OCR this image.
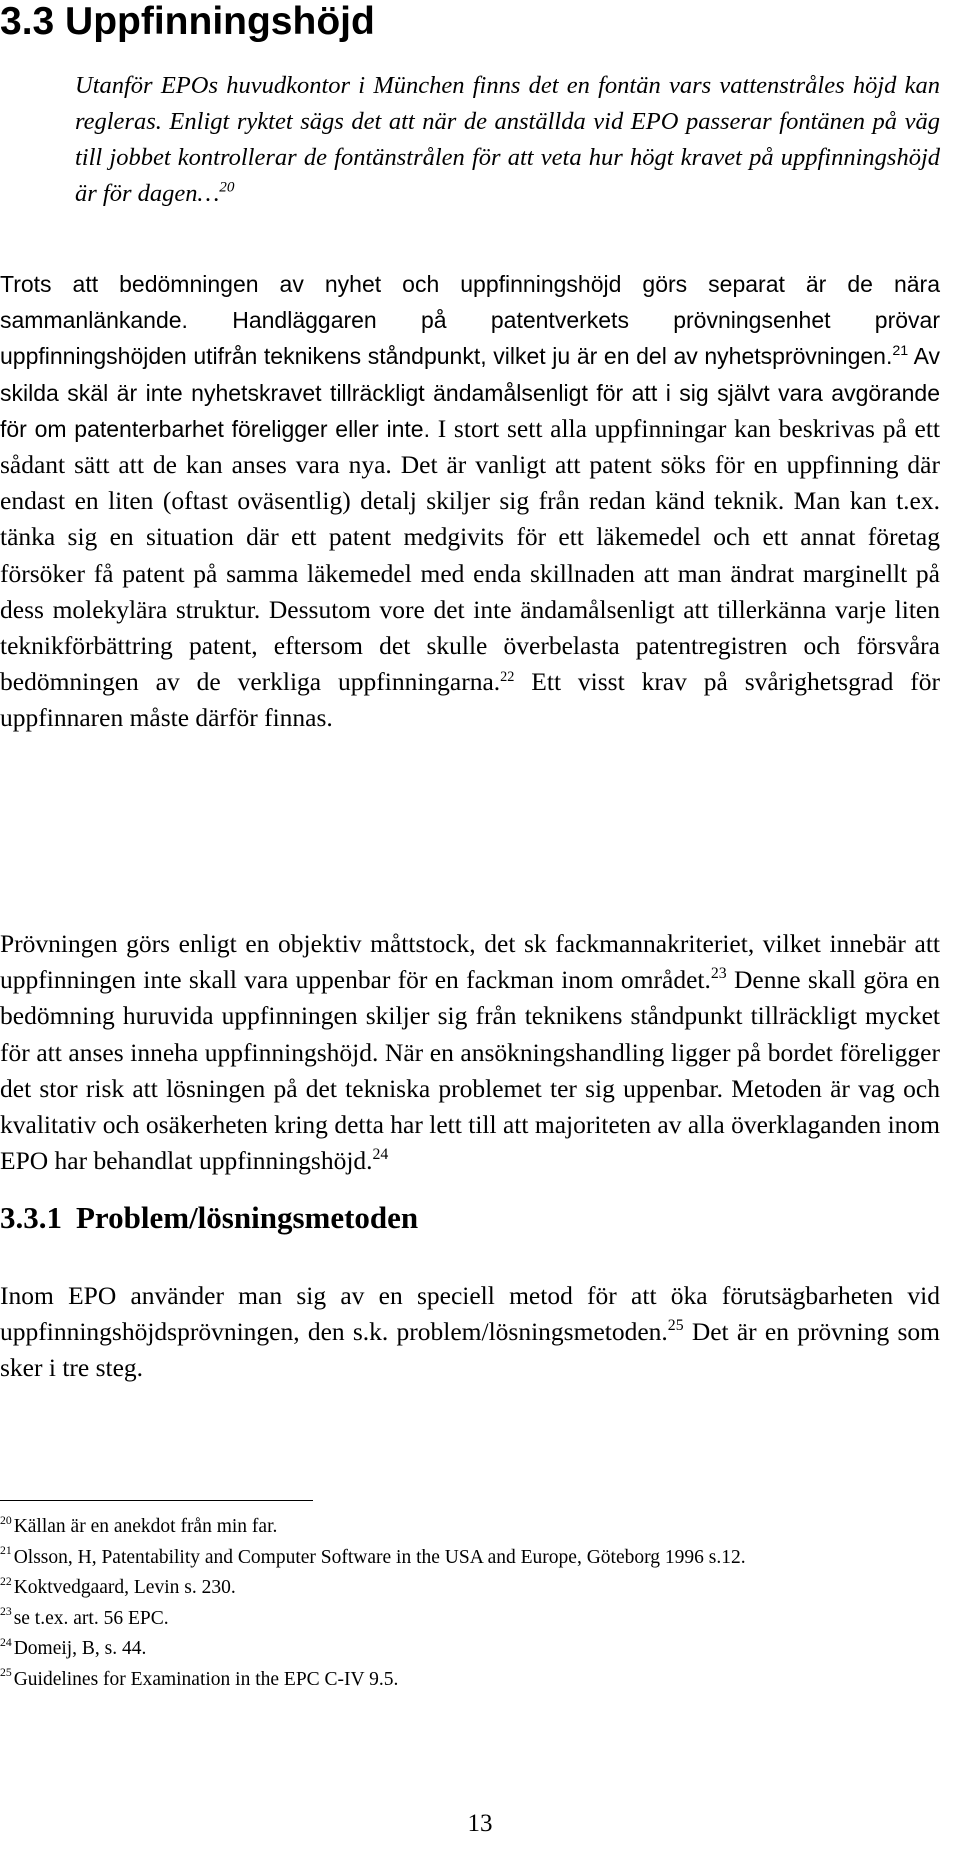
3.3 Uppfinningshöjd

Utanför EPOs huvudkontor i München finns det en fontän vars vattenstråles höjd kan regleras. Enligt ryktet sägs det att när de anställda vid EPO passerar fontänen på väg till jobbet kontrollerar de fontänstrålen för att veta hur högt kravet på uppfinningshöjd är för dagen…$^{20}$

Trots att bedömningen av nyhet och uppfinningshöjd görs separat är de nära sammanlänkande. Handläggaren på patentverkets prövningsenhet prövar uppfinningshöjden utifrån teknikens ståndpunkt, vilket ju är en del av nyhetsprövningen.$^{21}$ Av skilda skäl är inte nyhetskravet tillräckligt ändamålsenligt för att i sig självt vara avgörande för om patenterbarhet föreligger eller inte. I stort sett alla uppfinningar kan beskrivas på ett sådant sätt att de kan anses vara nya. Det är vanligt att patent söks för en uppfinning där endast en liten (oftast oväsentlig) detalj skiljer sig från redan känd teknik. Man kan t.ex. tänka sig en situation där ett patent medgivits för ett läkemedel och ett annat företag försöker få patent på samma läkemedel med enda skillnaden att man ändrat marginellt på dess molekylära struktur. Dessutom vore det inte ändamålsenligt att tillerkänna varje liten teknikförbättring patent, eftersom det skulle överbelasta patentregistren och försvåra bedömningen av de verkliga uppfinningarna.$^{22}$ Ett visst krav på svårighetsgrad för uppfinnaren måste därför finnas.

Prövningen görs enligt en objektiv måttstock, det sk fackmannakriteriet, vilket innebär att uppfinningen inte skall vara uppenbar för en fackman inom området.$^{23}$ Denne skall göra en bedömning huruvida uppfinningen skiljer sig från teknikens ståndpunkt tillräckligt mycket för att anses inneha uppfinningshöjd. När en ansökningshandling ligger på bordet föreligger det stor risk att lösningen på det tekniska problemet ter sig uppenbar. Metoden är vag och kvalitativ och osäkerheten kring detta har lett till att majoriteten av alla överklaganden inom EPO har behandlat uppfinningshöjd.$^{24}$

3.3.1 Problem/lösningsmetoden

Inom EPO använder man sig av en speciell metod för att öka förutsägbarheten vid uppfinningshöjdsprövningen, den s.k. problem/lösningsmetoden.$^{25}$ Det är en prövning som sker i tre steg.

$^{20}$ Källan är en anekdot från min far.
$^{21}$ Olsson, H, Patentability and Computer Software in the USA and Europe, Göteborg 1996 s.12.
$^{22}$ Koktvedgaard, Levin s. 230.
$^{23}$ se t.ex. art. 56 EPC.
$^{24}$ Domeij, B, s. 44.
$^{25}$ Guidelines for Examination in the EPC C-IV 9.5.
13
